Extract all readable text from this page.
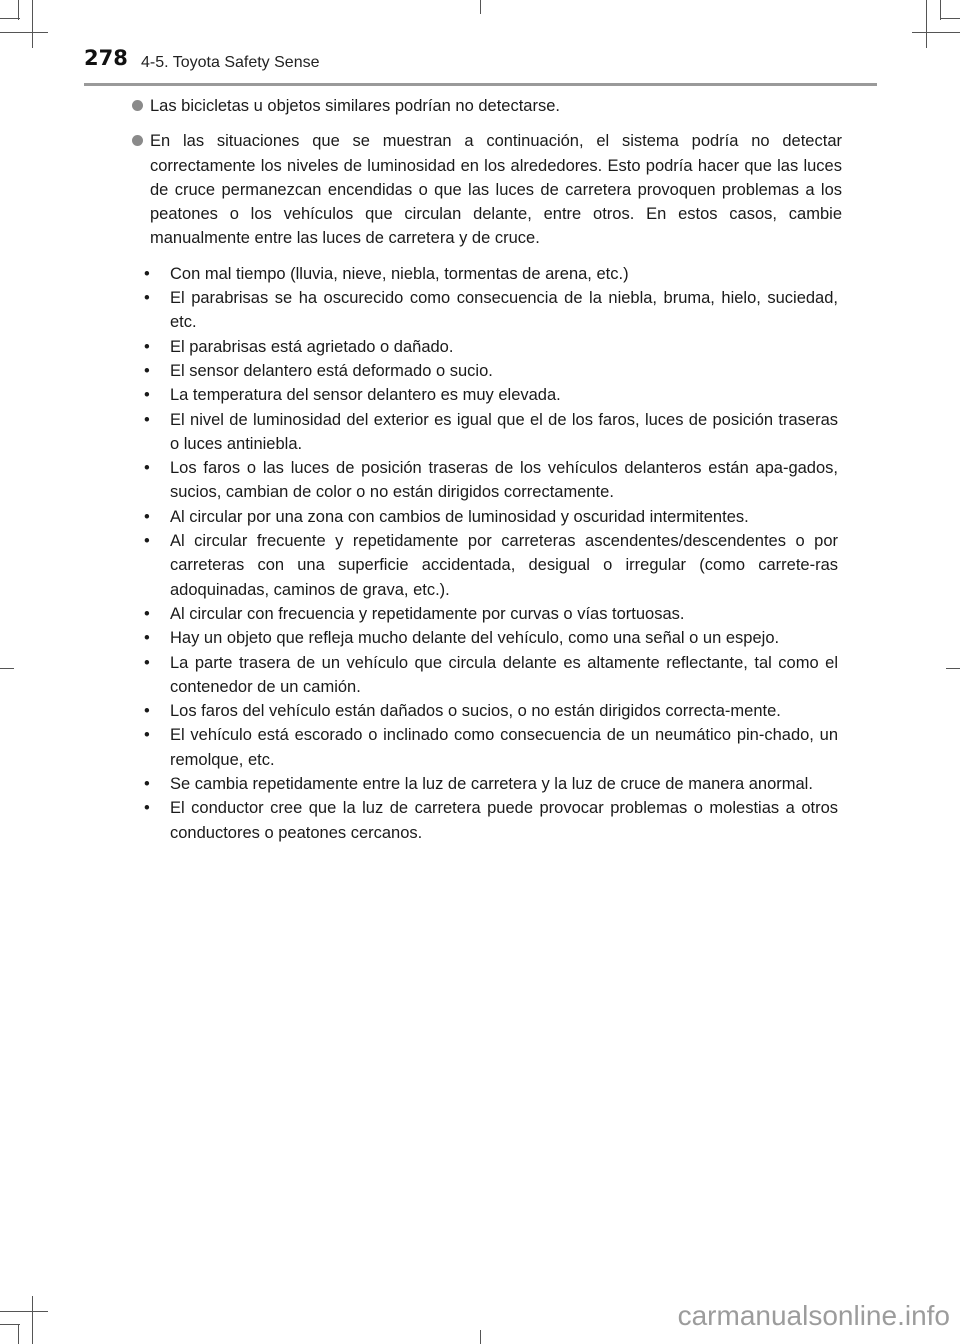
278 4-5. Toyota Safety Sense
Las bicicletas u objetos similares podrían no detectarse.
En las situaciones que se muestran a continuación, el sistema podría no detectar correctamente los niveles de luminosidad en los alrededores. Esto podría hacer que las luces de cruce permanezcan encendidas o que las luces de carretera provoquen problemas a los peatones o los vehículos que circulan delante, entre otros. En estos casos, cambie manualmente entre las luces de carretera y de cruce.
• Con mal tiempo (lluvia, nieve, niebla, tormentas de arena, etc.)
• El parabrisas se ha oscurecido como consecuencia de la niebla, bruma, hielo, suciedad, etc.
• El parabrisas está agrietado o dañado.
• El sensor delantero está deformado o sucio.
• La temperatura del sensor delantero es muy elevada.
• El nivel de luminosidad del exterior es igual que el de los faros, luces de posición traseras o luces antiniebla.
• Los faros o las luces de posición traseras de los vehículos delanteros están apa-gados, sucios, cambian de color o no están dirigidos correctamente.
• Al circular por una zona con cambios de luminosidad y oscuridad intermitentes.
• Al circular frecuente y repetidamente por carreteras ascendentes/descendentes o por carreteras con una superficie accidentada, desigual o irregular (como carrete-ras adoquinadas, caminos de grava, etc.).
• Al circular con frecuencia y repetidamente por curvas o vías tortuosas.
• Hay un objeto que refleja mucho delante del vehículo, como una señal o un espejo.
• La parte trasera de un vehículo que circula delante es altamente reflectante, tal como el contenedor de un camión.
• Los faros del vehículo están dañados o sucios, o no están dirigidos correcta-mente.
• El vehículo está escorado o inclinado como consecuencia de un neumático pin-chado, un remolque, etc.
• Se cambia repetidamente entre la luz de carretera y la luz de cruce de manera anormal.
• El conductor cree que la luz de carretera puede provocar problemas o molestias a otros conductores o peatones cercanos.
carmanualsonline.info
